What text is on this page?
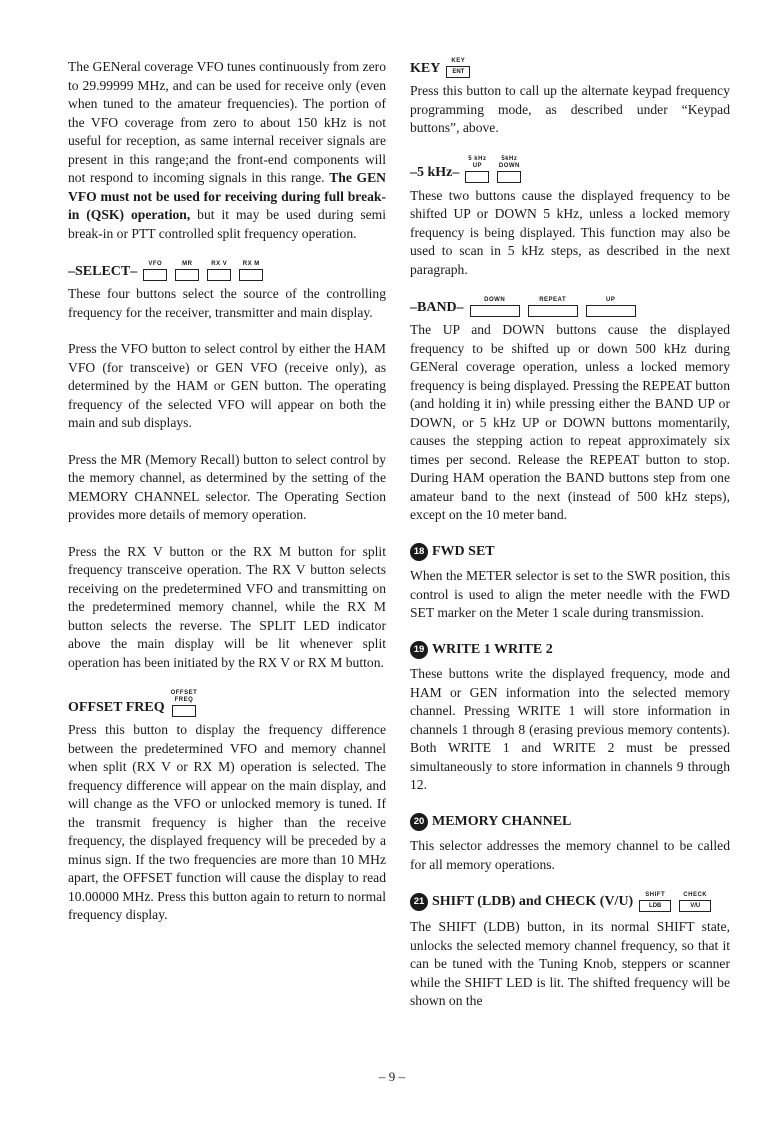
The GENeral coverage VFO tunes continuously from zero to 29.99999 MHz, and can be used for receive only (even when tuned to the amateur frequencies). The portion of the VFO coverage from zero to about 150 kHz is not useful for reception, as same internal receiver signals are present in this range;and the front-end components will not respond to incoming signals in this range. The GEN VFO must not be used for receiving during full break-in (QSK) operation, but it may be used during semi break-in or PTT controlled split frequency operation.

–SELECT– VFO	MR	RX V	RX M

These four buttons select the source of the controlling frequency for the receiver, transmitter and main display.

Press the VFO button to select control by either the HAM VFO (for transceive) or GEN VFO (receive only), as determined by the HAM or GEN button. The operating frequency of the selected VFO will appear on both the main and sub displays.

Press the MR (Memory Recall) button to select control by the memory channel, as determined by the setting of the MEMORY CHANNEL selector. The Operating Section provides more details of memory operation.

Press the RX V button or the RX M button for split frequency transceive operation. The RX V button selects receiving on the predetermined VFO and transmitting on the predetermined memory channel, while the RX M button selects the reverse. The SPLIT LED indicator above the main display will be lit whenever split operation has been initiated by the RX V or RX M button.

OFFSET FREQ
OFFSET
FREQ

Press this button to display the frequency difference between the predetermined VFO and memory channel when split (RX V or RX M) operation is selected. The frequency difference will appear on the main display, and will change as the VFO or unlocked memory is tuned. If the transmit frequency is higher than the receive frequency, the displayed frequency will be preceded by a minus sign. If the two frequencies are more than 10 MHz apart, the OFFSET function will cause the display to read 10.00000 MHz. Press this button again to return to normal frequency display.

KEY KEY
ENT

Press this button to call up the alternate keypad frequency programming mode, as described under “Keypad buttons”, above.

–5 kHz–
5 kHz
UP
5kHz
DOWN

These two buttons cause the displayed frequency to be shifted UP or DOWN 5 kHz, unless a locked memory frequency is being displayed. This function may also be used to scan in 5 kHz steps, as described in the next paragraph.

–BAND–	DOWN	REPEAT	UP

The UP and DOWN buttons cause the displayed frequency to be shifted up or down 500 kHz during GENeral coverage operation, unless a locked memory frequency is being displayed. Pressing the REPEAT button (and holding it in) while pressing either the BAND UP or DOWN, or 5 kHz UP or DOWN buttons momentarily, causes the stepping action to repeat approximately six times per second. Release the REPEAT button to stop. During HAM operation the BAND buttons step from one amateur band to the next (instead of 500 kHz steps), except on the 10 meter band.

18 FWD SET

When the METER selector is set to the SWR position, this control is used to align the meter needle with the FWD SET marker on the Meter 1 scale during transmission.

19 WRITE 1 WRITE 2

These buttons write the displayed frequency, mode and HAM or GEN information into the selected memory channel. Pressing WRITE 1 will store information in channels 1 through 8 (erasing previous memory contents). Both WRITE 1 and WRITE 2 must be pressed simultaneously to store information in channels 9 through 12.

20 MEMORY CHANNEL

This selector addresses the memory channel to be called for all memory operations.

21 SHIFT (LDB) and CHECK (V/U) SHIFT
LDB
CHECK
V/U

The SHIFT (LDB) button, in its normal SHIFT state, unlocks the selected memory channel frequency, so that it can be tuned with the Tuning Knob, steppers or scanner while the SHIFT LED is lit. The shifted frequency will be shown on the

– 9 –
